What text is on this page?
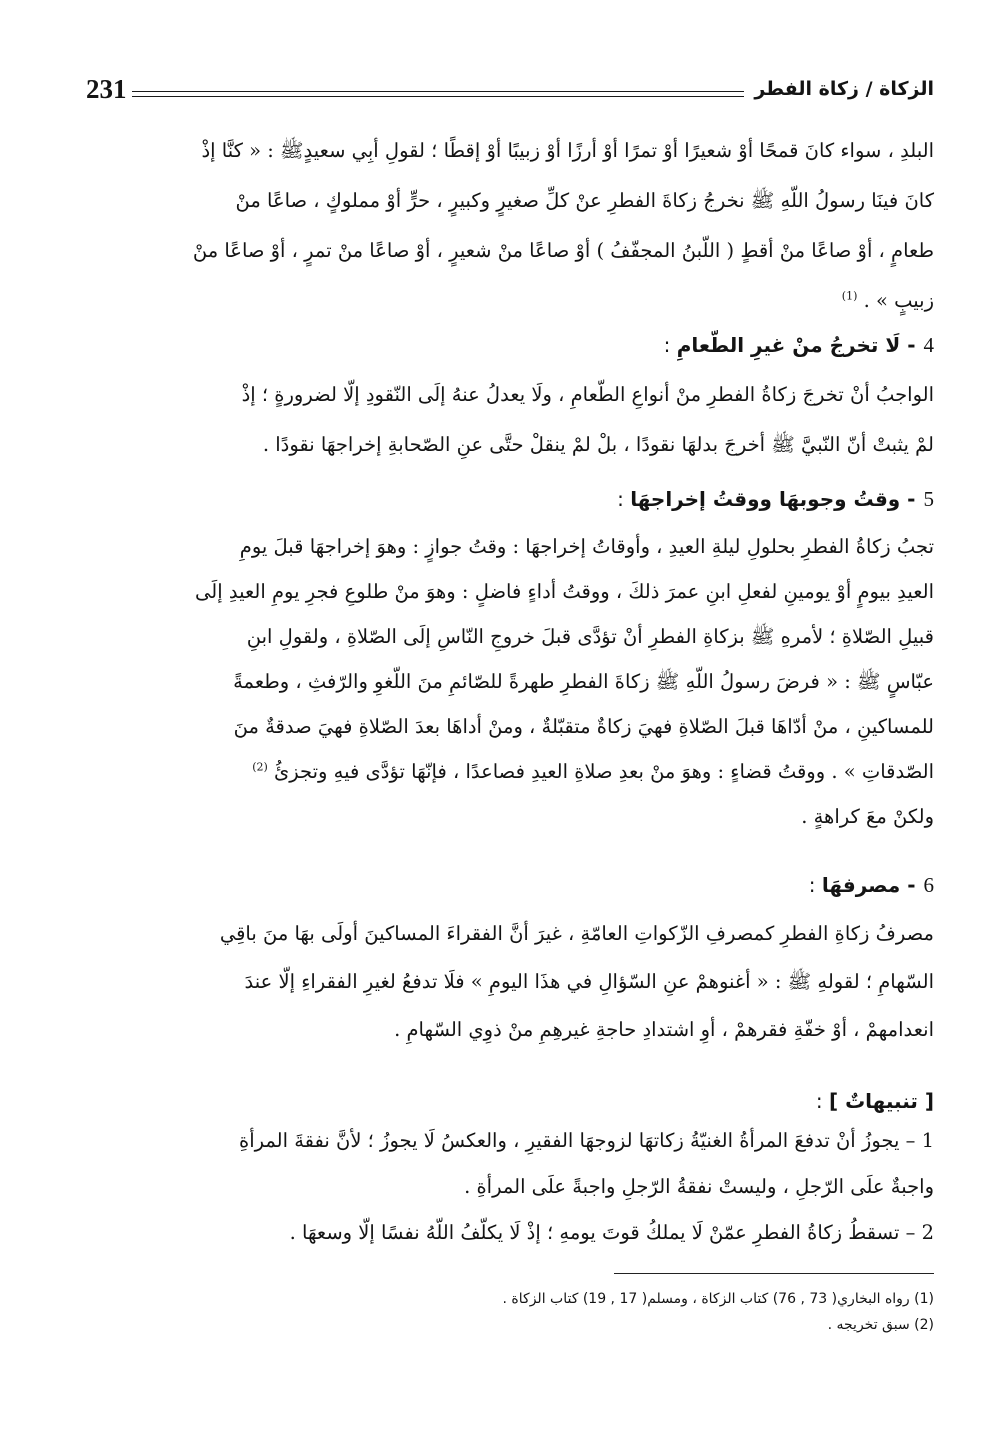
231	الزكاة / زكاة الفطر
البلدِ ، سواء كانَ قمحًا أوْ شعيرًا أوْ تمرًا أوْ أرزًا أوْ زبيبًا أوْ إقطًا ؛ لقولِ أبِي سعيدٍﷺ : « كنَّا إذْ
كانَ فينَا رسولُ اللّهِ ﷺ نخرجُ زكاةَ الفطرِ عنْ كلِّ صغيرٍ وكبيرٍ ، حرٍّ أوْ مملوكٍ ، صاعًا منْ
طعامٍ ، أوْ صاعًا منْ أقطٍ ( اللّبنُ المجفّفُ ) أوْ صاعًا منْ شعيرٍ ، أوْ صاعًا منْ تمرٍ ، أوْ صاعًا منْ
زبيبٍ » . $^{(1)}$
4- لَا تخرجُ منْ غيرِ الطّعامِ :
الواجبُ أنْ تخرجَ زكاةُ الفطرِ منْ أنواعِ الطّعامِ ، ولَا يعدلُ عنهُ إلَى النّقودِ إلّا لضرورةٍ ؛ إذْ
لمْ يثبتْ أنّ النّبيَّ ﷺ أخرجَ بدلهَا نقودًا ، بلْ لمْ ينقلْ حتَّى عنِ الصّحابةِ إخراجهَا نقودًا .
5- وقتُ وجوبهَا ووقتُ إخراجهَا :
تجبُ زكاةُ الفطرِ بحلولِ ليلةِ العيدِ ، وأوقاتُ إخراجهَا : وقتُ جوازٍ : وهوَ إخراجهَا قبلَ يومِ
العيدِ بيومٍ أوْ يومينِ لفعلِ ابنِ عمرَ ذلكَ ، ووقتُ أداءٍ فاضلٍ : وهوَ منْ طلوعِ فجرِ يومِ العيدِ إلَى
قبيلِ الصّلاةِ ؛ لأمرهِ ﷺ بزكاةِ الفطرِ أنْ تؤدَّى قبلَ خروجِ النّاسِ إلَى الصّلاةِ ، ولقولِ ابنِ
عبّاسٍ ﷺ : « فرضَ رسولُ اللّهِ ﷺ زكاةَ الفطرِ طهرةً للصّائمِ منَ اللّغوِ والرّفثِ ، وطعمةً
للمساكينِ ، منْ أدّاهَا قبلَ الصّلاةِ فهيَ زكاةٌ متقبّلةٌ ، ومنْ أداهَا بعدَ الصّلاةِ فهيَ صدقةٌ منَ
الصّدقاتِ » . ووقتُ قضاءٍ : وهوَ منْ بعدِ صلاةِ العيدِ فصاعدًا ، فإنّهَا تؤدَّى فيهِ وتجزئُ $^{(2)}$
ولكنْ معَ كراهةٍ .
6- مصرفهَا :
مصرفُ زكاةِ الفطرِ كمصرفِ الزّكواتِ العامّةِ ، غيرَ أنَّ الفقراءَ المساكينَ أولَى بهَا منَ باقِي
السّهامِ ؛ لقولهِ ﷺ : « أغنوهمْ عنِ السّؤالِ في هذَا اليومِ » فلَا تدفعُ لغيرِ الفقراءِ إلّا عندَ
انعدامهمْ ، أوْ خفّةِ فقرهمْ ، أوِ اشتدادِ حاجةِ غيرهِمِ منْ ذوِي السّهامِ .
[ تنبيهاتٌ ] :
1 – يجوزُ أنْ تدفعَ المرأةُ الغنيّةُ زكاتهَا لزوجهَا الفقيرِ ، والعكسُ لَا يجوزُ ؛ لأنَّ نفقةَ المرأةِ
واجبةٌ علَى الرّجلِ ، وليستْ نفقةُ الرّجلِ واجبةً علَى المرأةِ .
2 – تسقطُ زكاةُ الفطرِ عمّنْ لَا يملكُ قوتَ يومهِ ؛ إذْ لَا يكلّفُ اللّهُ نفسًا إلّا وسعهَا .
(1) رواه البخاري( 73 , 76) كتاب الزكاة ، ومسلم( 17 , 19) كتاب الزكاة .
(2) سبق تخريجه .
